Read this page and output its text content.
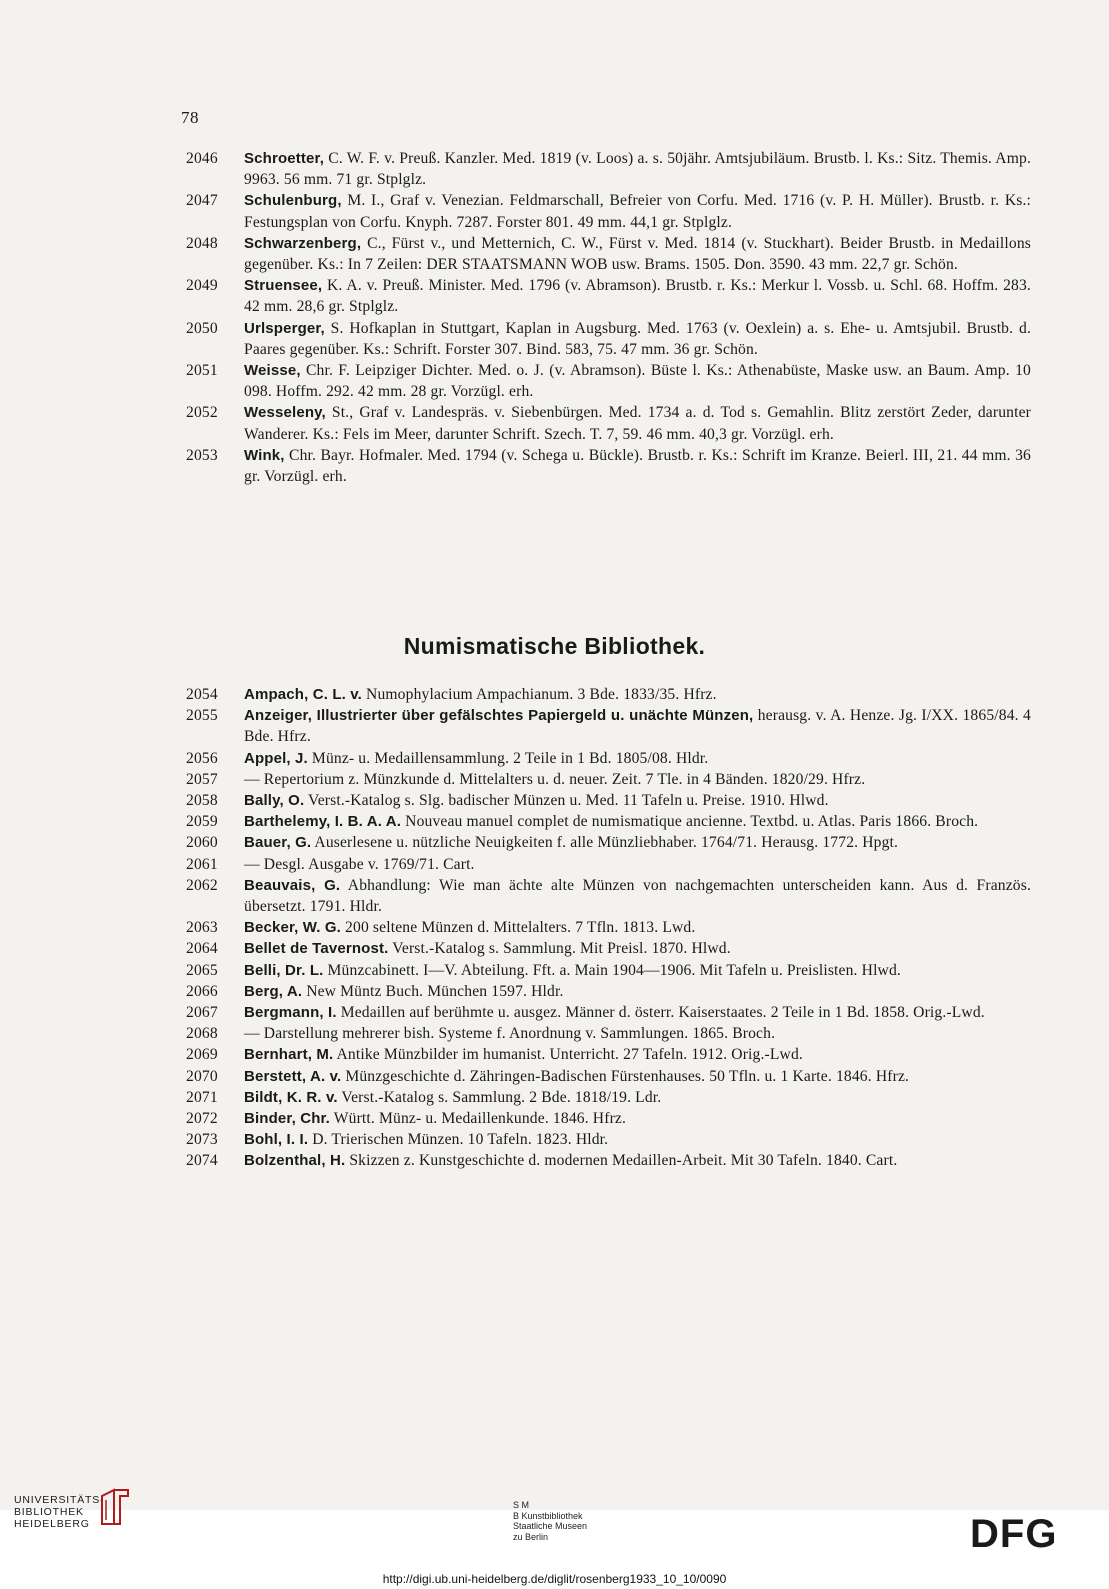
78
2046	Schroetter, C. W. F. v. Preuß. Kanzler. Med. 1819 (v. Loos) a. s. 50jähr. Amtsjubiläum. Brustb. l. Ks.: Sitz. Themis. Amp. 9963. 56 mm. 71 gr. Stplglz.
2047	Schulenburg, M. I., Graf v. Venezian. Feldmarschall, Befreier von Corfu. Med. 1716 (v. P. H. Müller). Brustb. r. Ks.: Festungsplan von Corfu. Knyph. 7287. Forster 801. 49 mm. 44,1 gr. Stplglz.
2048	Schwarzenberg, C., Fürst v., und Metternich, C. W., Fürst v. Med. 1814 (v. Stuckhart). Beider Brustb. in Medaillons gegenüber. Ks.: In 7 Zeilen: DER STAATSMANN WOB usw. Brams. 1505. Don. 3590. 43 mm. 22,7 gr. Schön.
2049	Struensee, K. A. v. Preuß. Minister. Med. 1796 (v. Abramson). Brustb. r. Ks.: Merkur l. Vossb. u. Schl. 68. Hoffm. 283. 42 mm. 28,6 gr. Stplglz.
2050	Urlsperger, S. Hofkaplan in Stuttgart, Kaplan in Augsburg. Med. 1763 (v. Oexlein) a. s. Ehe- u. Amtsjubil. Brustb. d. Paares gegenüber. Ks.: Schrift. Forster 307. Bind. 583, 75. 47 mm. 36 gr. Schön.
2051	Weisse, Chr. F. Leipziger Dichter. Med. o. J. (v. Abramson). Büste l. Ks.: Athenabüste, Maske usw. an Baum. Amp. 10 098. Hoffm. 292. 42 mm. 28 gr. Vorzügl. erh.
2052	Wesseleny, St., Graf v. Landespräs. v. Siebenbürgen. Med. 1734 a. d. Tod s. Gemahlin. Blitz zerstört Zeder, darunter Wanderer. Ks.: Fels im Meer, darunter Schrift. Szech. T. 7, 59. 46 mm. 40,3 gr. Vorzügl. erh.
2053	Wink, Chr. Bayr. Hofmaler. Med. 1794 (v. Schega u. Bückle). Brustb. r. Ks.: Schrift im Kranze. Beierl. III, 21. 44 mm. 36 gr. Vorzügl. erh.
Numismatische Bibliothek.
2054	Ampach, C. L. v. Numophylacium Ampachianum. 3 Bde. 1833/35. Hfrz.
2055	Anzeiger, Illustrierter über gefälschtes Papiergeld u. unächte Münzen, herausg. v. A. Henze. Jg. I/XX. 1865/84. 4 Bde. Hfrz.
2056	Appel, J. Münz- u. Medaillensammlung. 2 Teile in 1 Bd. 1805/08. Hldr.
2057	— Repertorium z. Münzkunde d. Mittelalters u. d. neuer. Zeit. 7 Tle. in 4 Bänden. 1820/29. Hfrz.
2058	Bally, O. Verst.-Katalog s. Slg. badischer Münzen u. Med. 11 Tafeln u. Preise. 1910. Hlwd.
2059	Barthelemy, I. B. A. A. Nouveau manuel complet de numismatique ancienne. Textbd. u. Atlas. Paris 1866. Broch.
2060	Bauer, G. Auserlesene u. nützliche Neuigkeiten f. alle Münzliebhaber. 1764/71. Herausg. 1772. Hpgt.
2061	— Desgl. Ausgabe v. 1769/71. Cart.
2062	Beauvais, G. Abhandlung: Wie man ächte alte Münzen von nachgemachten unterscheiden kann. Aus d. Französ. übersetzt. 1791. Hldr.
2063	Becker, W. G. 200 seltene Münzen d. Mittelalters. 7 Tfln. 1813. Lwd.
2064	Bellet de Tavernost. Verst.-Katalog s. Sammlung. Mit Preisl. 1870. Hlwd.
2065	Belli, Dr. L. Münzcabinett. I—V. Abteilung. Fft. a. Main 1904—1906. Mit Tafeln u. Preislisten. Hlwd.
2066	Berg, A. New Müntz Buch. München 1597. Hldr.
2067	Bergmann, I. Medaillen auf berühmte u. ausgez. Männer d. österr. Kaiserstaates. 2 Teile in 1 Bd. 1858. Orig.-Lwd.
2068	— Darstellung mehrerer bish. Systeme f. Anordnung v. Sammlungen. 1865. Broch.
2069	Bernhart, M. Antike Münzbilder im humanist. Unterricht. 27 Tafeln. 1912. Orig.-Lwd.
2070	Berstett, A. v. Münzgeschichte d. Zähringen-Badischen Fürstenhauses. 50 Tfln. u. 1 Karte. 1846. Hfrz.
2071	Bildt, K. R. v. Verst.-Katalog s. Sammlung. 2 Bde. 1818/19. Ldr.
2072	Binder, Chr. Württ. Münz- u. Medaillenkunde. 1846. Hfrz.
2073	Bohl, I. I. D. Trierischen Münzen. 10 Tafeln. 1823. Hldr.
2074	Bolzenthal, H. Skizzen z. Kunstgeschichte d. modernen Medaillen-Arbeit. Mit 30 Tafeln. 1840. Cart.
UNIVERSITÄTS-
BIBLIOTHEK
HEIDELBERG
S M
B Kunstbibliothek
Staatliche Museen
zu Berlin	DFG
http://digi.ub.uni-heidelberg.de/diglit/rosenberg1933_10_10/0090
